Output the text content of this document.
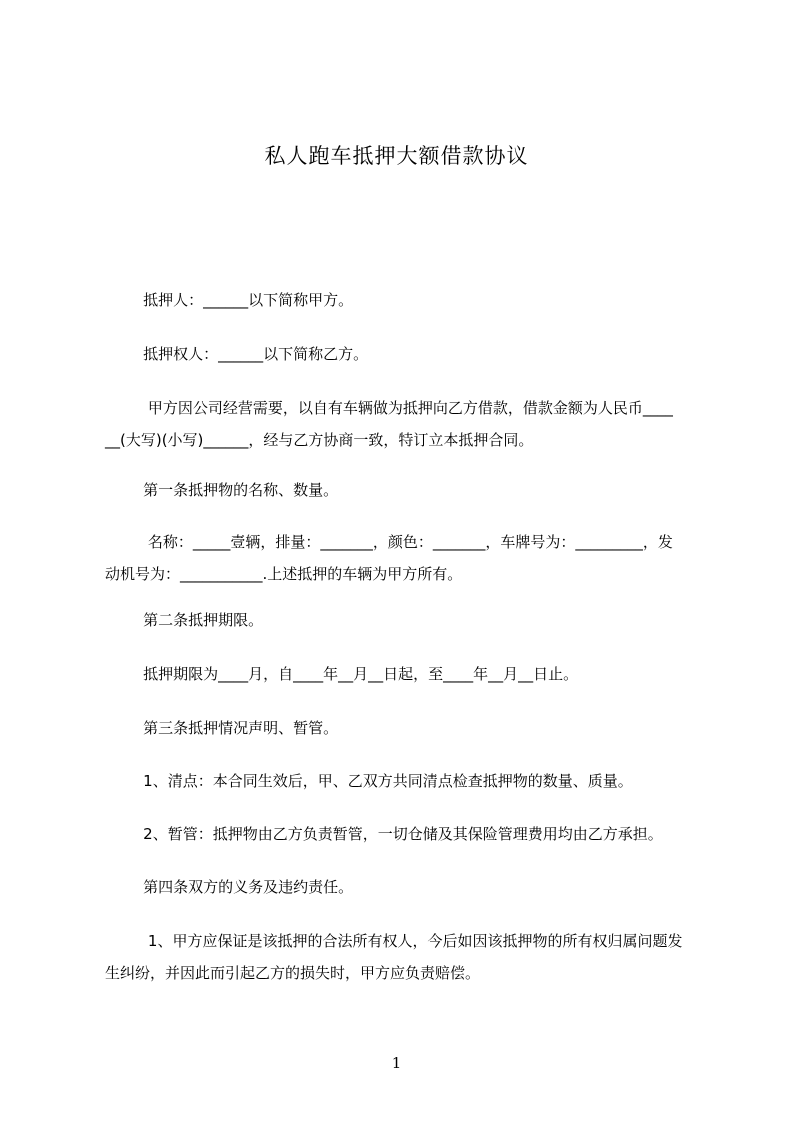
私人跑车抵押大额借款协议
抵押人：______以下简称甲方。
抵押权人：______以下简称乙方。
甲方因公司经营需要，以自有车辆做为抵押向乙方借款，借款金额为人民币____
__(大写)(小写)______，经与乙方协商一致，特订立本抵押合同。
第一条抵押物的名称、数量。
名称：_____壹辆，排量：_______，颜色：_______，车牌号为：_________，发
动机号为：___________.上述抵押的车辆为甲方所有。
第二条抵押期限。
抵押期限为____月，自____年__月__日起，至____年__月__日止。
第三条抵押情况声明、暂管。
1、清点：本合同生效后，甲、乙双方共同清点检查抵押物的数量、质量。
2、暂管：抵押物由乙方负责暂管，一切仓储及其保险管理费用均由乙方承担。
第四条双方的义务及违约责任。
1、甲方应保证是该抵押的合法所有权人，今后如因该抵押物的所有权归属问题发
生纠纷，并因此而引起乙方的损失时，甲方应负责赔偿。
1
